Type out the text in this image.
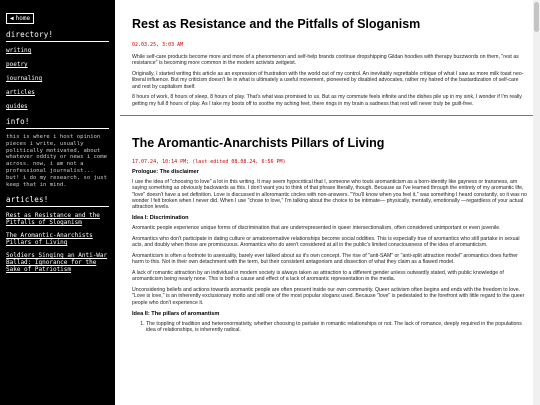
◀ home
directory!
writing
poetry
journaling
articles
guides
info!
this is where i host opinion pieces i write, usually politically motivated, about whatever oddity or news i come across. now, i am not a professional journalist... but! i do my research, so just keep that in mind.
articles!
Rest as Resistance and the Pitfalls of Sloganism
The Aromantic-Anarchists Pillars of Living
Soldiers Singing an Anti-War Ballad: Ignorance for the Sake of Patriotism
Rest as Resistance and the Pitfalls of Sloganism
02.03.25, 3:03 AM

While self-care products become more and more of a phenomenon and self-help brands continue dropshipping Gildan hoodies with therapy buzzwords on them, "rest as resistance" is becoming more common in the modern activists zeitgeist.

Originally, I started writing this article as an expression of frustration with the world out of my control. An inevitably regrettable critique of what I saw as more milk toast neo-liberal influence. But my criticism doesn't lie in what is ultimately a useful movement, pioneered by disabled advocates, rather my hatred of the bastardization of self-care and rest by capitalism itself.

8 hours of work, 8 hours of sleep, 8 hours of play. That's what was promised to us. But as my commute feels infinite and the dishes pile up in my sink, I wonder if I'm really getting my full 8 hours of play. As I take my boots off to soothe my aching feet, there rings in my brain a sadness that rest will never truly be guilt-free.

The Aromantic-Anarchists Pillars of Living
17.07.24, 10:14 PM; (last edited 08.08.24, 6:56 PM)
Prologue: The disclaimer

I use the idea of "choosing to love" a lot in this writing. It may seem hypocritical that I, someone who touts aromanticism as a born-identity like gayness or transness, am saying something as obviously backwards as this. I don't want you to think of that phrase literally, though. Because as I've learned through the entirety of my aromantic life, "love" doesn't have a set definition. Love is discussed in alloromantic circles with non-answers. "You'll know when you feel it," was something I heard constantly, so it was no wonder I felt broken when I never did. When I use "chose to love," I'm talking about the choice to be intimate— physically, mentally, emotionally —regardless of your actual attraction levels.

Idea I: Discrimination

Aromantic people experience unique forms of discrimination that are underrepresented in queer intersectionalism, often considered unimportant or even juvenile.

Aromantics who don't participate in dating culture or amatonormative relationships become social oddities. This is especially true of aromantics who still partake in sexual acts, and doubly when those are promiscuous. Aromantics who do aren't considered at all in the public's limited consciousness of the idea of aromanticism.

Aromanticism is often a footnote to asexuality, barely ever talked about as it's own concept. The rise of "anti-SAM" or "anti-split attraction model" aromantics does further harm to this. Not in their own detachment with the term, but their consistent antagonism and dissection of what they claim as a flawed model.

A lack of romantic attraction by an individual in modern society is always taken as attraction to a different gender unless outwardly stated, with public knowledge of aromanticism being nearly none. This is both a cause and effect of a lack of aromantic representation in the media.

Unconsidering beliefs and actions towards aromantic people are often present inside our own community. Queer activism often begins and ends with the freedom to love. "Love is love," is an inherently exclusionary motto and still one of the most popular slogans used. Because "love" is pedestaled to the forefront with little regard to the queer people who don't experience it.

Idea II: The pillars of aromantism
1. The toppling of tradition and heteronormativity, whether choosing to partake in romantic relationships or not. The lack of romance, deeply required in the populations idea of relationships, is inherently radical.
